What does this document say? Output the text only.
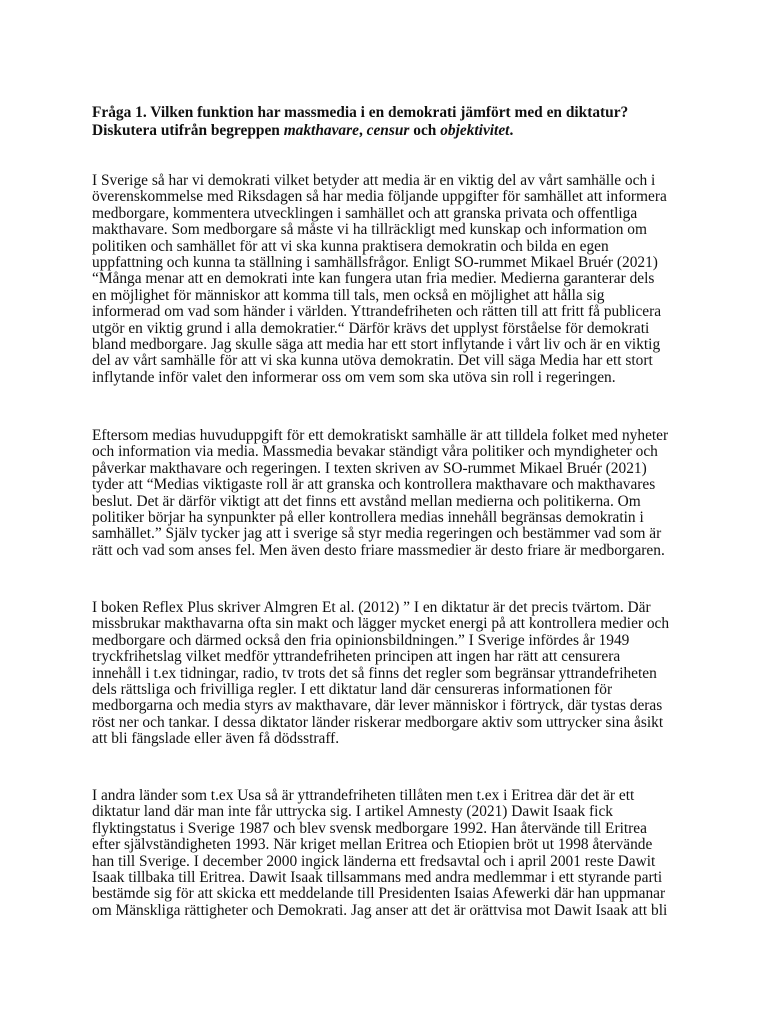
Fråga 1. Vilken funktion har massmedia i en demokrati jämfört med en diktatur?
Diskutera utifrån begreppen makthavare, censur och objektivitet.
I Sverige så har vi demokrati vilket betyder att media är en viktig del av vårt samhälle och i
överenskommelse med Riksdagen så har media följande uppgifter för samhället att informera
medborgare, kommentera utvecklingen i samhället och att granska privata och offentliga
makthavare. Som medborgare så måste vi ha tillräckligt med kunskap och information om
politiken och samhället för att vi ska kunna praktisera demokratin och bilda en egen
uppfattning och kunna ta ställning i samhällsfrågor. Enligt SO-rummet Mikael Bruér (2021)
“Många menar att en demokrati inte kan fungera utan fria medier. Medierna garanterar dels
en möjlighet för människor att komma till tals, men också en möjlighet att hålla sig
informerad om vad som händer i världen. Yttrandefriheten och rätten till att fritt få publicera
utgör en viktig grund i alla demokratier.“ Därför krävs det upplyst förståelse för demokrati
bland medborgare. Jag skulle säga att media har ett stort inflytande i vårt liv och är en viktig
del av vårt samhälle för att vi ska kunna utöva demokratin. Det vill säga Media har ett stort
inflytande inför valet den informerar oss om vem som ska utöva sin roll i regeringen.
Eftersom medias huvuduppgift för ett demokratiskt samhälle är att tilldela folket med nyheter
och information via media. Massmedia bevakar ständigt våra politiker och myndigheter och
påverkar makthavare och regeringen. I texten skriven av SO-rummet Mikael Bruér (2021)
tyder att “Medias viktigaste roll är att granska och kontrollera makthavare och makthavares
beslut. Det är därför viktigt att det finns ett avstånd mellan medierna och politikerna. Om
politiker börjar ha synpunkter på eller kontrollera medias innehåll begränsas demokratin i
samhället.” Själv tycker jag att i sverige så styr media regeringen och bestämmer vad som är
rätt och vad som anses fel. Men även desto friare massmedier är desto friare är medborgaren.
I boken Reflex Plus skriver Almgren Et al. (2012) ” I en diktatur är det precis tvärtom. Där
missbrukar makthavarna ofta sin makt och lägger mycket energi på att kontrollera medier och
medborgare och därmed också den fria opinionsbildningen.” I Sverige infördes år 1949
tryckfrihetslag vilket medför yttrandefriheten principen att ingen har rätt att censurera
innehåll i t.ex tidningar, radio, tv trots det så finns det regler som begränsar yttrandefriheten
dels rättsliga och frivilliga regler. I ett diktatur land där censureras informationen för
medborgarna och media styrs av makthavare, där lever människor i förtryck, där tystas deras
röst ner och tankar. I dessa diktator länder riskerar medborgare aktiv som uttrycker sina åsikt
att bli fängslade eller även få dödsstraff.
I andra länder som t.ex Usa så är yttrandefriheten tillåten men t.ex i Eritrea där det är ett
diktatur land där man inte får uttrycka sig. I artikel Amnesty (2021) Dawit Isaak fick
flyktingstatus i Sverige 1987 och blev svensk medborgare 1992. Han återvände till Eritrea
efter självständigheten 1993. När kriget mellan Eritrea och Etiopien bröt ut 1998 återvände
han till Sverige. I december 2000 ingick länderna ett fredsavtal och i april 2001 reste Dawit
Isaak tillbaka till Eritrea. Dawit Isaak tillsammans med andra medlemmar i ett styrande parti
bestämde sig för att skicka ett meddelande till Presidenten Isaias Afewerki där han uppmanar
om Mänskliga rättigheter och Demokrati. Jag anser att det är orättvisa mot Dawit Isaak att bli
